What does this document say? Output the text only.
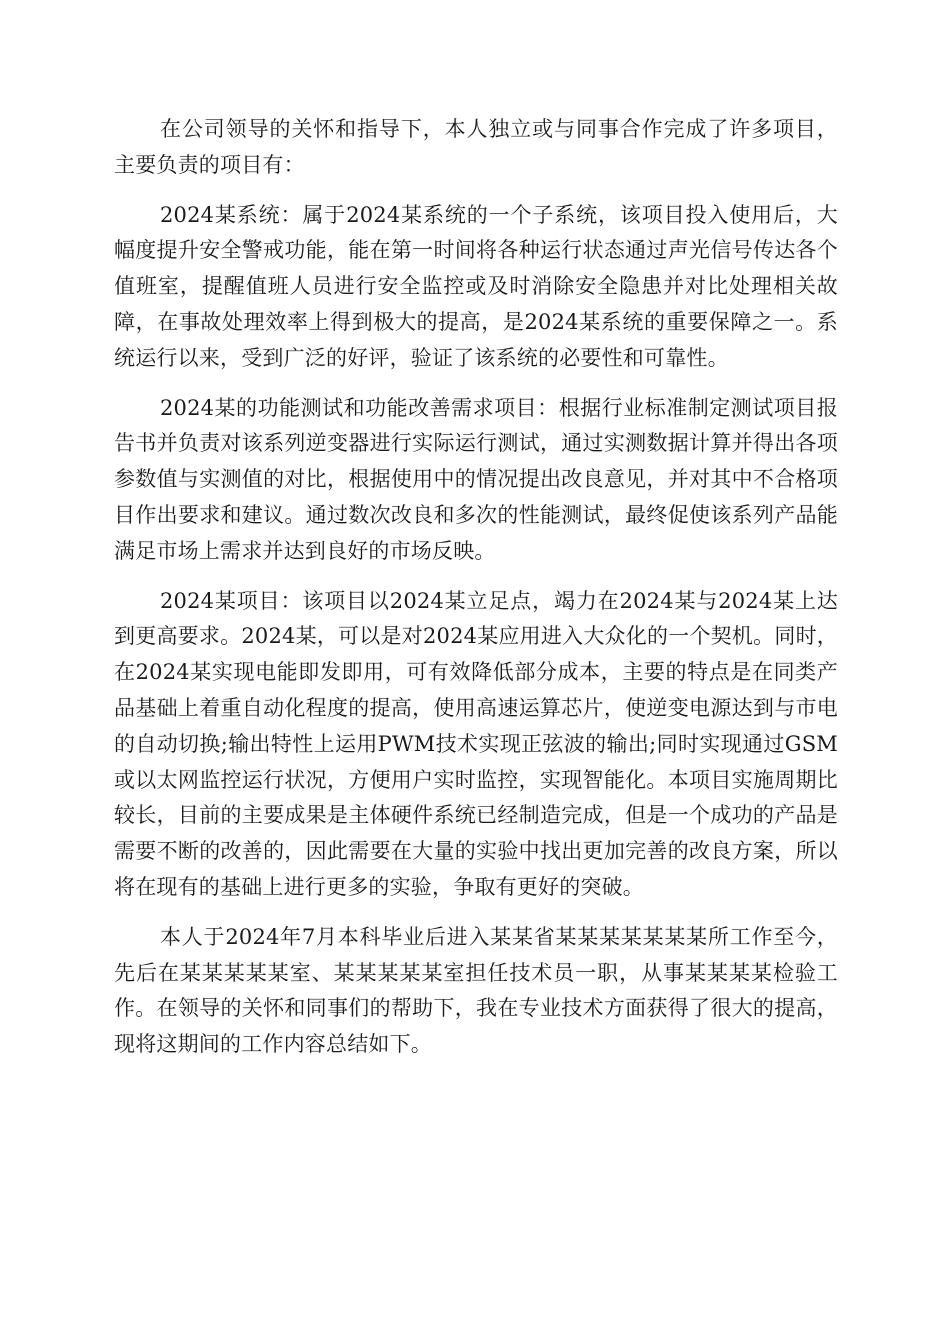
在公司领导的关怀和指导下，本人独立或与同事合作完成了许多项目，主要负责的项目有：

2024某系统：属于2024某系统的一个子系统，该项目投入使用后，大幅度提升安全警戒功能，能在第一时间将各种运行状态通过声光信号传达各个值班室，提醒值班人员进行安全监控或及时消除安全隐患并对比处理相关故障，在事故处理效率上得到极大的提高，是2024某系统的重要保障之一。系统运行以来，受到广泛的好评，验证了该系统的必要性和可靠性。

2024某的功能测试和功能改善需求项目：根据行业标准制定测试项目报告书并负责对该系列逆变器进行实际运行测试，通过实测数据计算并得出各项参数值与实测值的对比，根据使用中的情况提出改良意见，并对其中不合格项目作出要求和建议。通过数次改良和多次的性能测试，最终促使该系列产品能满足市场上需求并达到良好的市场反映。

2024某项目：该项目以2024某立足点，竭力在2024某与2024某上达到更高要求。2024某，可以是对2024某应用进入大众化的一个契机。同时，在2024某实现电能即发即用，可有效降低部分成本，主要的特点是在同类产品基础上着重自动化程度的提高，使用高速运算芯片，使逆变电源达到与市电的自动切换;输出特性上运用PWM技术实现正弦波的输出;同时实现通过GSM或以太网监控运行状况，方便用户实时监控，实现智能化。本项目实施周期比较长，目前的主要成果是主体硬件系统已经制造完成，但是一个成功的产品是需要不断的改善的，因此需要在大量的实验中找出更加完善的改良方案，所以将在现有的基础上进行更多的实验，争取有更好的突破。

本人于2024年7月本科毕业后进入某某省某某某某某某某所工作至今，先后在某某某某某室、某某某某某室担任技术员一职，从事某某某某检验工作。在领导的关怀和同事们的帮助下，我在专业技术方面获得了很大的提高，现将这期间的工作内容总结如下。
